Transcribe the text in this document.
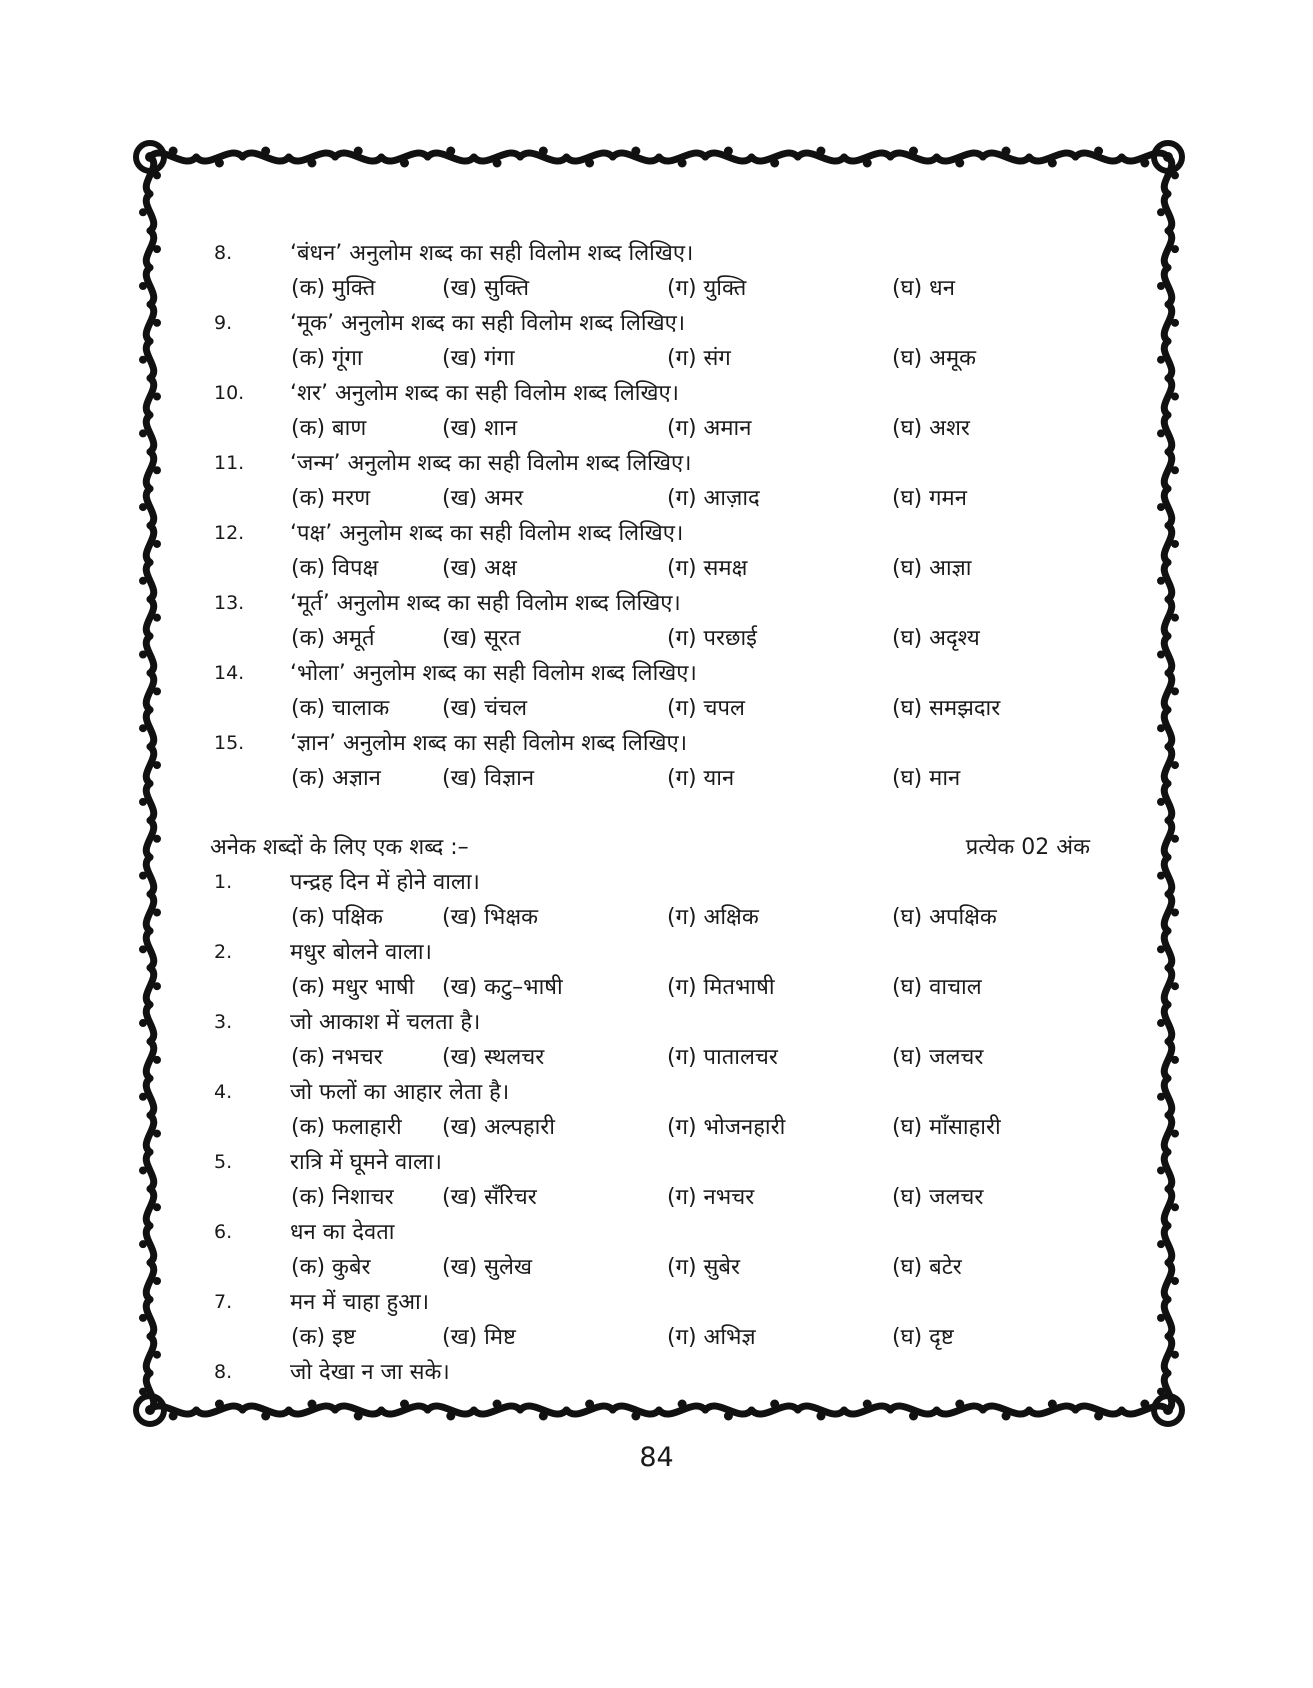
8.	‘बंधन’ अनुलोम शब्द का सही विलोम शब्द लिखिए।
(क) मुक्ति	(ख) सुक्ति	(ग) युक्ति	(घ) धन
9.	‘मूक’ अनुलोम शब्द का सही विलोम शब्द लिखिए।
(क) गूंगा	(ख) गंगा	(ग) संग	(घ) अमूक
10. ‘शर’ अनुलोम शब्द का सही विलोम शब्द लिखिए।
(क) बाण	(ख) शान	(ग) अमान	(घ) अशर
11. ‘जन्म’ अनुलोम शब्द का सही विलोम शब्द लिखिए।
(क) मरण	(ख) अमर	(ग) आज़ाद	(घ) गमन
12. ‘पक्ष’ अनुलोम शब्द का सही विलोम शब्द लिखिए।
(क) विपक्ष	(ख) अक्ष	(ग) समक्ष	(घ) आज्ञा
13. ‘मूर्त’ अनुलोम शब्द का सही विलोम शब्द लिखिए।
(क) अमूर्त	(ख) सूरत	(ग) परछाई	(घ) अदृश्य
14. ‘भोला’ अनुलोम शब्द का सही विलोम शब्द लिखिए।
(क) चालाक (ख) चंचल	(ग) चपल	(घ) समझदार
15. ‘ज्ञान’ अनुलोम शब्द का सही विलोम शब्द लिखिए।
(क) अज्ञान	(ख) विज्ञान	(ग) यान	(घ) मान
अनेक शब्दों के लिए एक शब्द :–	प्रत्येक 02 अंक
1.	पन्द्रह दिन में होने वाला।
(क) पक्षिक	(ख) भिक्षक	(ग) अक्षिक	(घ) अपक्षिक
2.	मधुर बोलने वाला।
(क) मधुर भाषी (ख) कटु–भाषी	(ग) मितभाषी	(घ) वाचाल
3.	जो आकाश में चलता है।
(क) नभचर	(ख) स्थलचर	(ग) पातालचर	(घ) जलचर
4.	जो फलों का आहार लेता है।
(क) फलाहारी (ख) अल्पहारी	(ग) भोजनहारी	(घ) माँसाहारी
5.	रात्रि में घूमने वाला।
(क) निशाचर (ख) सँरिचर	(ग) नभचर	(घ) जलचर
6.	धन का देवता
(क) कुबेर	(ख) सुलेख	(ग) सुबेर	(घ) बटेर
7.	मन में चाहा हुआ।
(क) इष्ट	(ख) मिष्ट	(ग) अभिज्ञ	(घ) दृष्ट
8.	जो देखा न जा सके।
84
